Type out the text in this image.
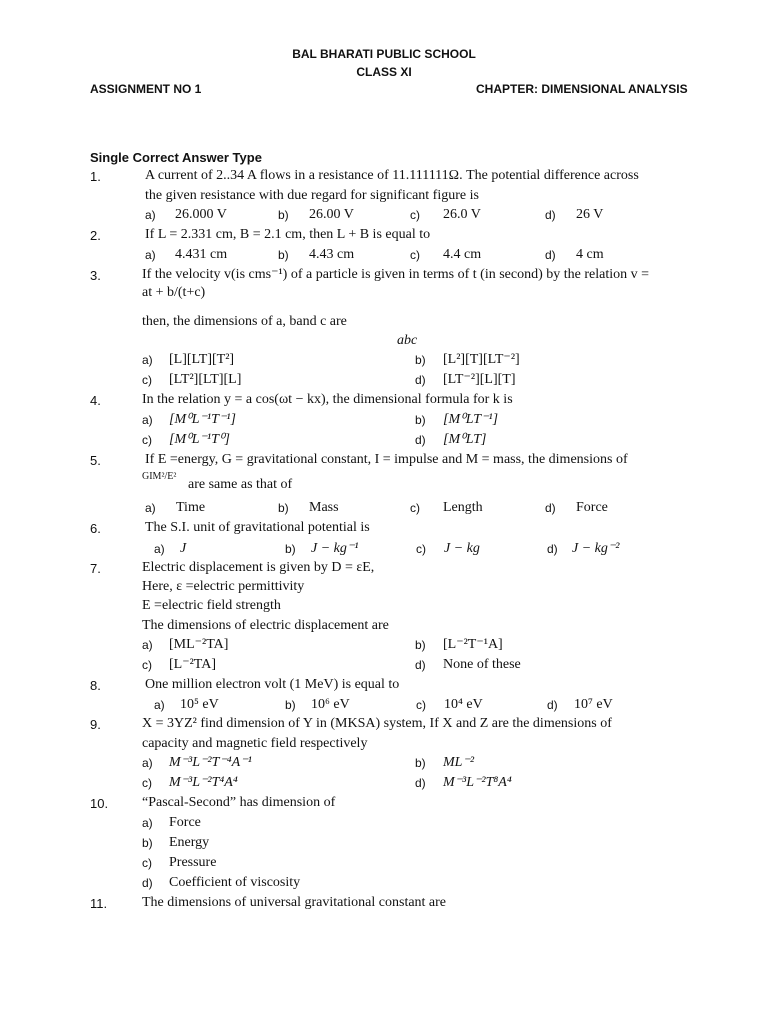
BAL BHARATI PUBLIC SCHOOL
CLASS XI
ASSIGNMENT NO 1	CHAPTER: DIMENSIONAL ANALYSIS
Single Correct Answer Type
1.	A current of 2..34 A flows in a resistance of 11.111111Ω. The potential difference across
the given resistance with due regard for significant figure is
a) 26.000 V	b) 26.00 V	c) 26.0 V	d) 26 V
2.	If L = 2.331 cm, B = 2.1 cm, then L + B is equal to
a) 4.431 cm	b) 4.43 cm	c) 4.4 cm	d) 4 cm
3.	If the velocity v(is cms⁻¹) of a particle is given in terms of t (in second) by the relation v =
at + b/(t+c)
then, the dimensions of a, band c are
abc
a) [L][LT][T²]	b) [L²][T][LT⁻²]
c) [LT²][LT][L]	d) [LT⁻²][L][T]
4.	In the relation y = a cos(ωt − kx), the dimensional formula for k is
a) [M⁰L⁻¹T⁻¹]	b) [M⁰LT⁻¹]
c) [M⁰L⁻¹T⁰]	d) [M⁰LT]
5.	If E =energy, G = gravitational constant, I = impulse and M = mass, the dimensions of
GIM²/E²
are same as that of
a) Time	b) Mass	c) Length	d) Force
6.	The S.I. unit of gravitational potential is
a) J	b) J − kg⁻¹	c) J − kg	d) J − kg⁻²
7.	Electric displacement is given by D = εE,
Here, ε =electric permittivity
E =electric field strength
The dimensions of electric displacement are
a) [ML⁻²TA]	b) [L⁻²T⁻¹A]
c) [L⁻²TA]	d) None of these
8.	One million electron volt (1 MeV) is equal to
a) 10⁵ eV	b) 10⁶ eV	c) 10⁴ eV	d) 10⁷ eV
9.	X = 3YZ² find dimension of Y in (MKSA) system, If X and Z are the dimensions of
capacity and magnetic field respectively
a) M⁻³L⁻²T⁻⁴A⁻¹	b) ML⁻²
c) M⁻³L⁻²T⁴A⁴	d) M⁻³L⁻²T⁸A⁴
10. “Pascal-Second” has dimension of
a) Force
b) Energy
c) Pressure
d) Coefficient of viscosity
11. The dimensions of universal gravitational constant are
